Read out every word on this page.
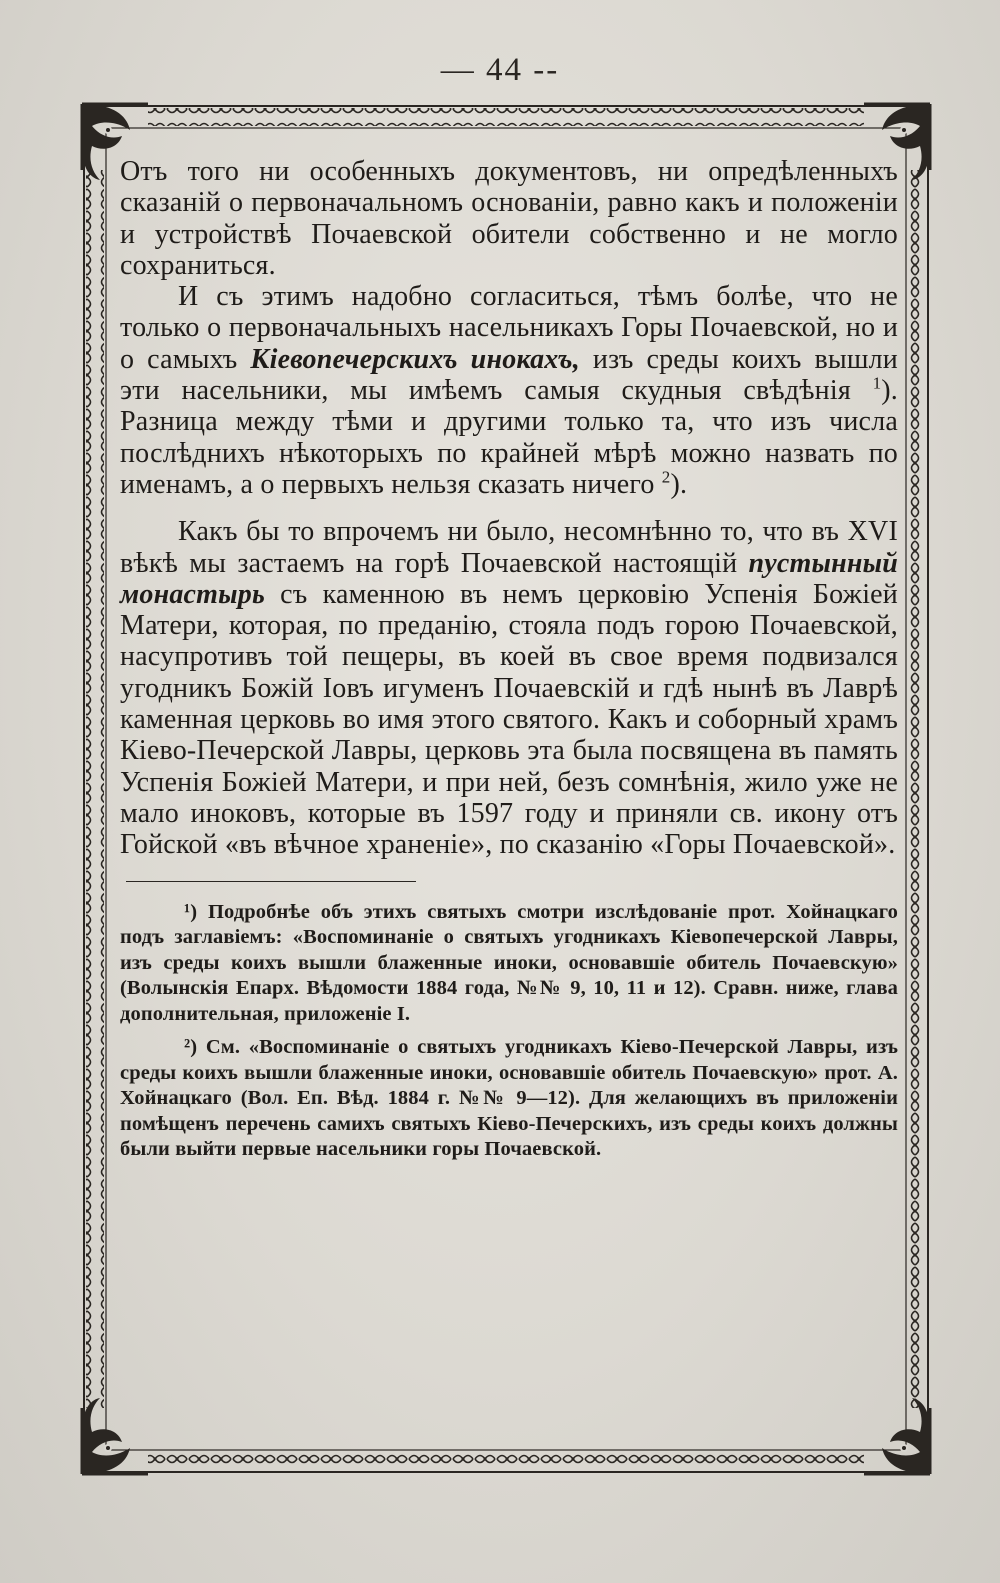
— 44 --

Отъ того ни особенныхъ документовъ, ни опредѣленныхъ сказаній о первоначальномъ основаніи, равно какъ и положеніи и устройствѣ Почаевской обители собственно и не могло сохраниться.

И съ этимъ надобно согласиться, тѣмъ болѣе, что не только о первоначальныхъ насельникахъ Горы Почаевской, но и о самыхъ Кіевопечерскихъ инокахъ, изъ среды коихъ вышли эти насельники, мы имѣемъ самыя скудныя свѣдѣнія $^1$). Разница между тѣми и другими только та, что изъ числа послѣднихъ нѣкоторыхъ по крайней мѣрѣ можно назвать по именамъ, а о первыхъ нельзя сказать ничего $^2$).

Какъ бы то впрочемъ ни было, несомнѣнно то, что въ XVI вѣкѣ мы застаемъ на горѣ Почаевской настоящій пустынный монастырь съ каменною въ немъ церковію Успенія Божіей Матери, которая, по преданію, стояла подъ горою Почаевской, насупротивъ той пещеры, въ коей въ свое время подвизался угодникъ Божій Іовъ игуменъ Почаевскій и гдѣ нынѣ въ Лаврѣ каменная церковь во имя этого святого. Какъ и соборный храмъ Кіево-Печерской Лавры, церковь эта была посвящена въ память Успенія Божіей Матери, и при ней, безъ сомнѣнія, жило уже не мало иноковъ, которые въ 1597 году и приняли св. икону отъ Гойской «въ вѣчное храненіе», по сказанію «Горы Почаевской».

¹) Подробнѣе объ этихъ святыхъ смотри изслѣдованіе прот. Хойнацкаго подъ заглавіемъ: «Воспоминаніе о святыхъ угодникахъ Кіевопечерской Лавры, изъ среды коихъ вышли блаженные иноки, основавшіе обитель Почаевскую» (Волынскія Епарх. Вѣдомости 1884 года, №№ 9, 10, 11 и 12). Сравн. ниже, глава дополнительная, приложеніе I.

²) См. «Воспоминаніе о святыхъ угодникахъ Кіево-Печерской Лавры, изъ среды коихъ вышли блаженные иноки, основавшіе обитель Почаевскую» прот. А. Хойнацкаго (Вол. Еп. Вѣд. 1884 г. №№ 9—12). Для желающихъ въ приложеніи помѣщенъ перечень самихъ святыхъ Кіево-Печерскихъ, изъ среды коихъ должны были выйти первые насельники горы Почаевской.
